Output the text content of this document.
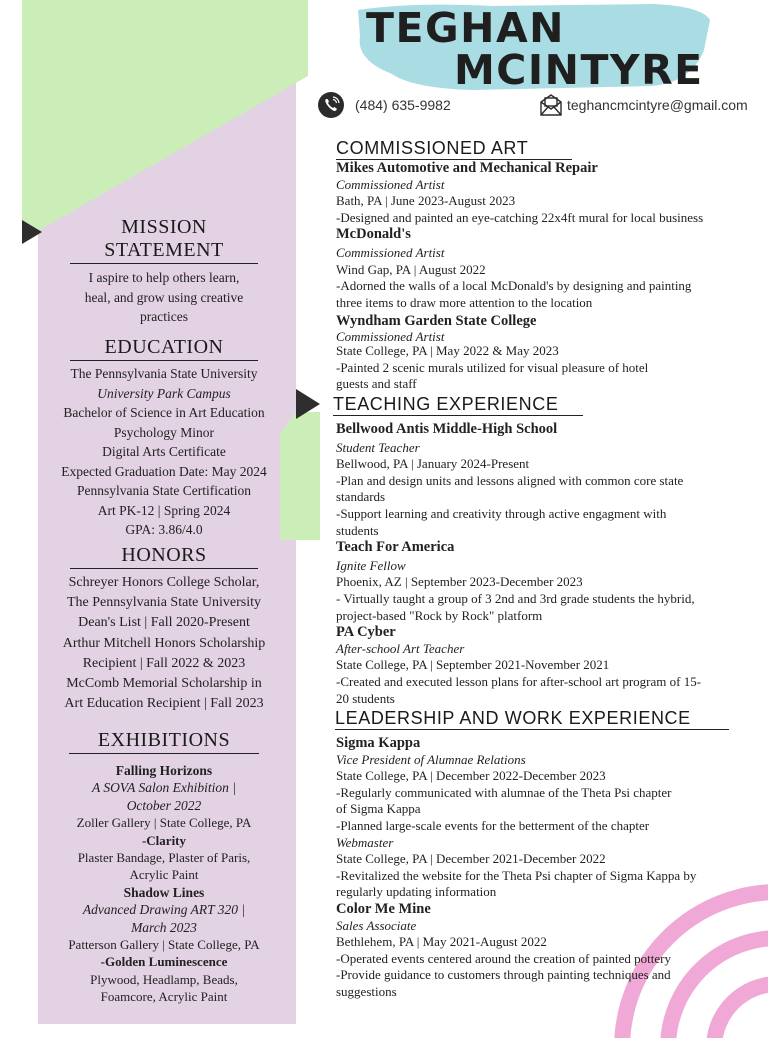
TEGHAN
MCINTYRE
(484) 635-9982	teghancmcintyre@gmail.com
MISSION
STATEMENT
I aspire to help others learn,
heal, and grow using creative
practices
EDUCATION
The Pennsylvania State University
University Park Campus
Bachelor of Science in Art Education
Psychology Minor
Digital Arts Certificate
Expected Graduation Date: May 2024
Pennsylvania State Certification
Art PK-12 | Spring 2024
GPA: 3.86/4.0
HONORS
Schreyer Honors College Scholar,
The Pennsylvania State University
Dean's List | Fall 2020-Present
Arthur Mitchell Honors Scholarship
Recipient | Fall 2022 & 2023
McComb Memorial Scholarship in
Art Education Recipient | Fall 2023
EXHIBITIONS
Falling Horizons
A SOVA Salon Exhibition |
October 2022
Zoller Gallery | State College, PA
-Clarity
Plaster Bandage, Plaster of Paris,
Acrylic Paint
Shadow Lines
Advanced Drawing ART 320 |
March 2023
Patterson Gallery | State College, PA
-Golden Luminescence
Plywood, Headlamp, Beads,
Foamcore, Acrylic Paint
COMMISSIONED ART
Mikes Automotive and Mechanical Repair
Commissioned Artist
Bath, PA | June 2023-August 2023
-Designed and painted an eye-catching 22x4ft mural for local business
McDonald's
Commissioned Artist
Wind Gap, PA | August 2022
-Adorned the walls of a local McDonald's by designing and painting
three items to draw more attention to the location
Wyndham Garden State College
Commissioned Artist
State College, PA | May 2022 & May 2023
-Painted 2 scenic murals utilized for visual pleasure of hotel
guests and staff
TEACHING EXPERIENCE
Bellwood Antis Middle-High School
Student Teacher
Bellwood, PA | January 2024-Present
-Plan and design units and lessons aligned with common core state
standards
-Support learning and creativity through active engagment with
students
Teach For America
Ignite Fellow
Phoenix, AZ | September 2023-December 2023
- Virtually taught a group of 3 2nd and 3rd grade students the hybrid,
project-based "Rock by Rock" platform
PA Cyber
After-school Art Teacher
State College, PA | September 2021-November 2021
-Created and executed lesson plans for after-school art program of 15-
20 students
LEADERSHIP AND WORK EXPERIENCE
Sigma Kappa
Vice President of Alumnae Relations
State College, PA | December 2022-December 2023
-Regularly communicated with alumnae of the Theta Psi chapter
of Sigma Kappa
-Planned large-scale events for the betterment of the chapter
Webmaster
State College, PA | December 2021-December 2022
-Revitalized the website for the Theta Psi chapter of Sigma Kappa by
regularly updating information
Color Me Mine
Sales Associate
Bethlehem, PA | May 2021-August 2022
-Operated events centered around the creation of painted pottery
-Provide guidance to customers through painting techniques and
suggestions
